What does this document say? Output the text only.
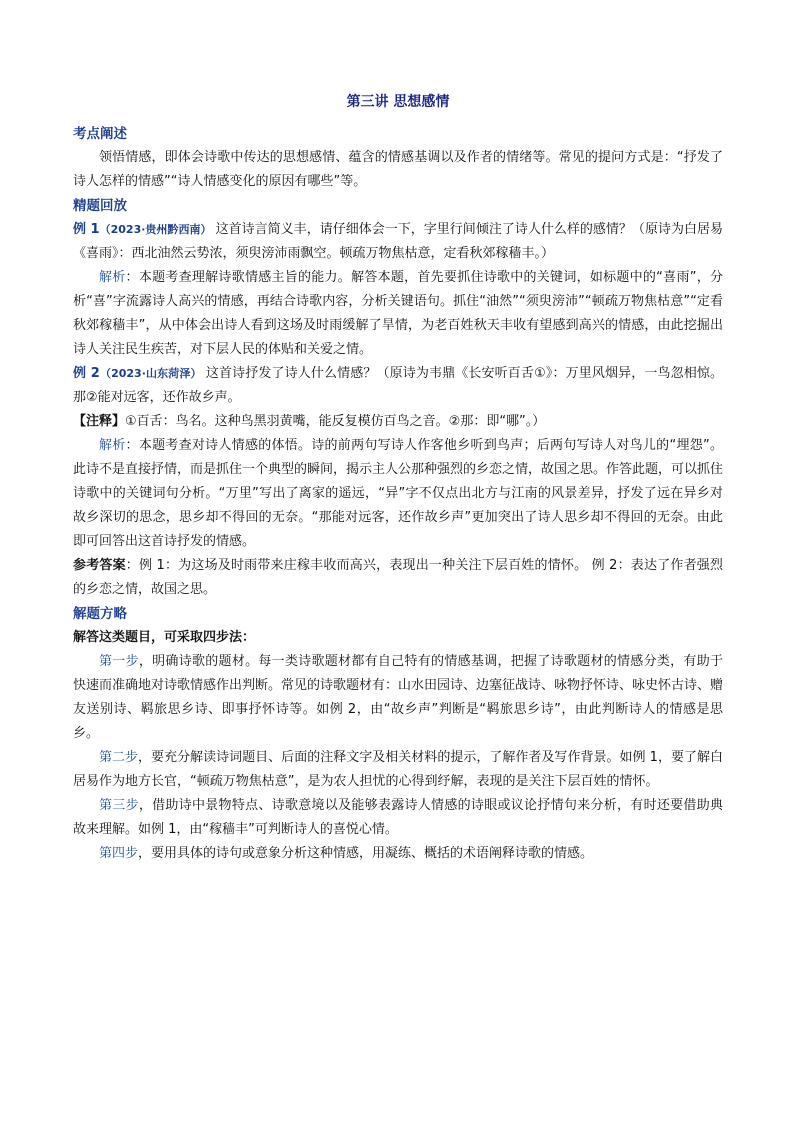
第三讲 思想感情

考点阐述

领悟情感，即体会诗歌中传达的思想感情、蕴含的情感基调以及作者的情绪等。常见的提问方式是：“抒发了诗人怎样的情感”“诗人情感变化的原因有哪些”等。

精题回放

例 1（2023·贵州黔西南） 这首诗言简义丰，请仔细体会一下，字里行间倾注了诗人什么样的感情？（原诗为白居易《喜雨》：西北油然云势浓，须臾滂沛雨飘空。顿疏万物焦枯意，定看秋郊稼穑丰。）

解析：本题考查理解诗歌情感主旨的能力。解答本题，首先要抓住诗歌中的关键词，如标题中的“喜雨”，分析“喜”字流露诗人高兴的情感，再结合诗歌内容，分析关键语句。抓住“油然”“须臾滂沛”“顿疏万物焦枯意”“定看秋郊稼穑丰”，从中体会出诗人看到这场及时雨缓解了旱情，为老百姓秋天丰收有望感到高兴的情感，由此挖掘出诗人关注民生疾苦，对下层人民的体贴和关爱之情。

例 2（2023·山东菏泽） 这首诗抒发了诗人什么情感？（原诗为韦鼎《长安听百舌①》：万里风烟异，一鸟忽相惊。那②能对远客，还作故乡声。

【注释】①百舌：鸟名。这种鸟黑羽黄嘴，能反复模仿百鸟之音。②那：即“哪”。）

解析：本题考查对诗人情感的体悟。诗的前两句写诗人作客他乡听到鸟声；后两句写诗人对鸟儿的“埋怨”。此诗不是直接抒情，而是抓住一个典型的瞬间，揭示主人公那种强烈的乡恋之情，故国之思。作答此题，可以抓住诗歌中的关键词句分析。“万里”写出了离家的遥远，“异”字不仅点出北方与江南的风景差异，抒发了远在异乡对故乡深切的思念，思乡却不得回的无奈。“那能对远客，还作故乡声”更加突出了诗人思乡却不得回的无奈。由此即可回答出这首诗抒发的情感。

参考答案：例 1：为这场及时雨带来庄稼丰收而高兴，表现出一种关注下层百姓的情怀。 例 2：表达了作者强烈的乡恋之情，故国之思。

解题方略

解答这类题目，可采取四步法：

第一步，明确诗歌的题材。每一类诗歌题材都有自己特有的情感基调，把握了诗歌题材的情感分类，有助于快速而准确地对诗歌情感作出判断。常见的诗歌题材有：山水田园诗、边塞征战诗、咏物抒怀诗、咏史怀古诗、赠友送别诗、羁旅思乡诗、即事抒怀诗等。如例 2，由“故乡声”判断是“羁旅思乡诗”，由此判断诗人的情感是思乡。

第二步，要充分解读诗词题目、后面的注释文字及相关材料的提示，了解作者及写作背景。如例 1，要了解白居易作为地方长官，“顿疏万物焦枯意”，是为农人担忧的心得到纾解，表现的是关注下层百姓的情怀。

第三步，借助诗中景物特点、诗歌意境以及能够表露诗人情感的诗眼或议论抒情句来分析，有时还要借助典故来理解。如例 1，由“稼穑丰”可判断诗人的喜悦心情。

第四步，要用具体的诗句或意象分析这种情感，用凝练、概括的术语阐释诗歌的情感。
